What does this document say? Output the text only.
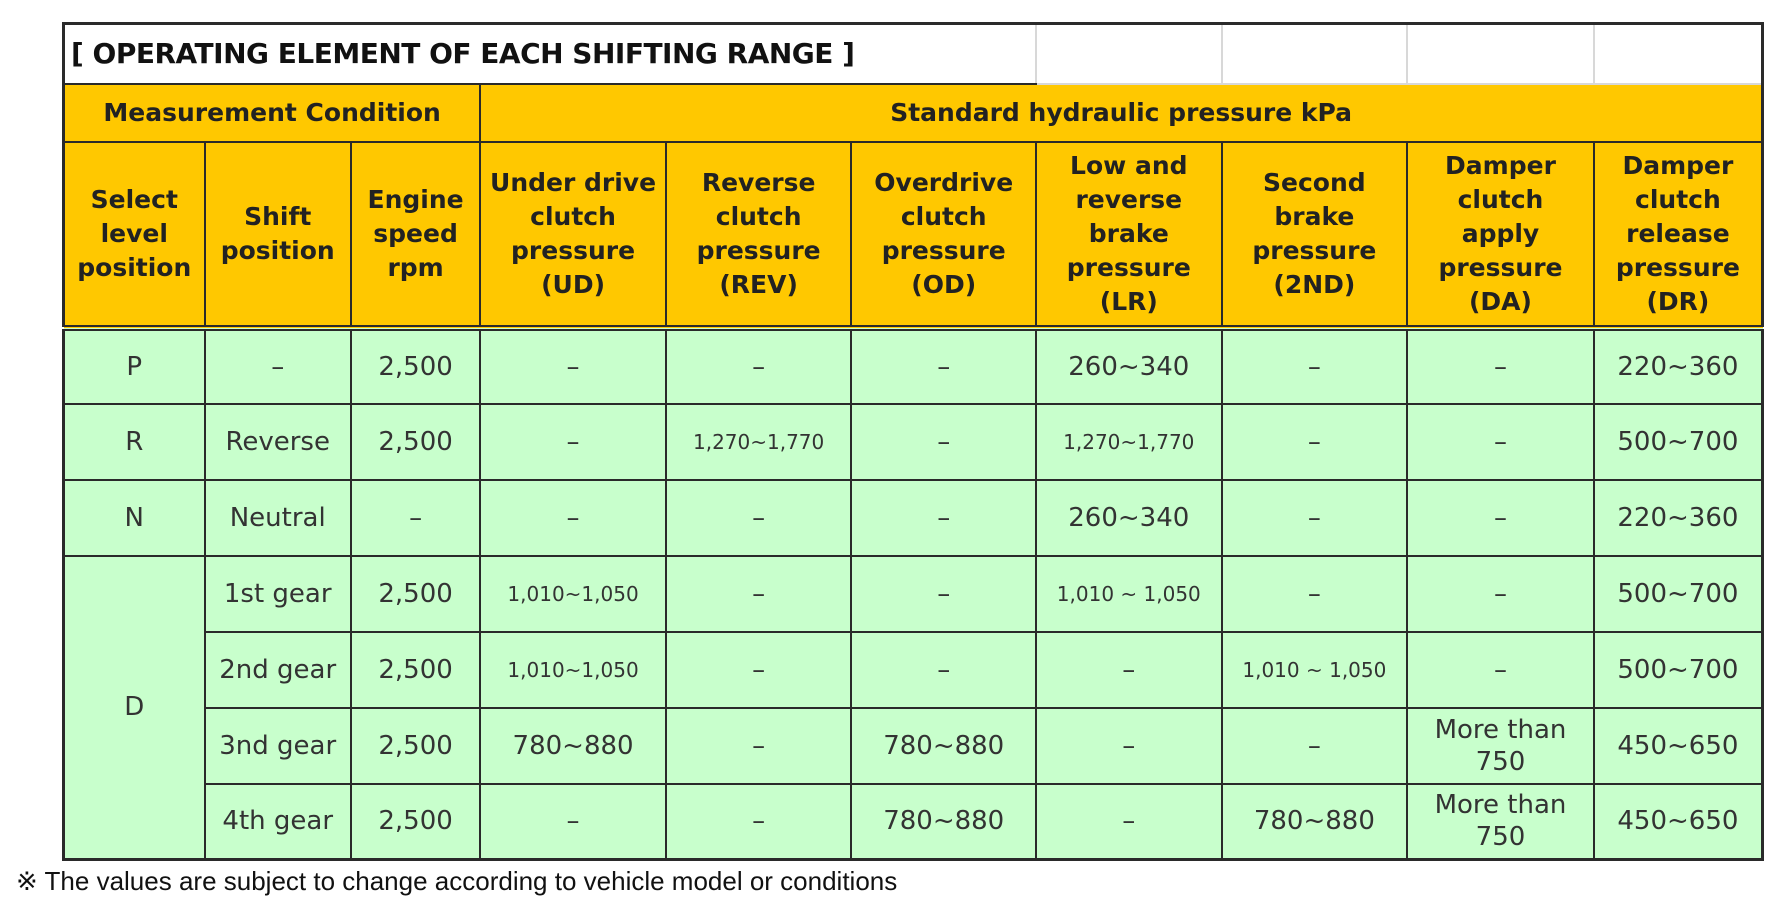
[ OPERATING ELEMENT OF EACH SHIFTING RANGE ]									
Measurement Condition			Standard hydraulic pressure kPa						
Select
level
position	Shift
position	Engine
speed
rpm	Under drive
clutch
pressure
(UD)	Reverse
clutch
pressure
(REV)	Overdrive
clutch
pressure
(OD)	Low and
reverse
brake
pressure
(LR)	Second
brake
pressure
(2ND)	Damper
clutch
apply
pressure
(DA)	Damper
clutch
release
pressure
(DR)
P	–	2,500	–	–	–	260~340	–	–	220~360
R	Reverse	2,500	–	1,270~1,770	–	1,270~1,770	–	–	500~700
N	Neutral	–	–	–	–	260~340	–	–	220~360
D	1st gear	2,500	1,010~1,050	–	–	1,010 ~ 1,050	–	–	500~700
	2nd gear	2,500	1,010~1,050	–	–	–	1,010 ~ 1,050	–	500~700
	3nd gear	2,500	780~880	–	780~880	–	–	More than
750	450~650
	4th gear	2,500	–	–	780~880	–	780~880	More than
750	450~650
※ The values are subject to change according to vehicle model or conditions
